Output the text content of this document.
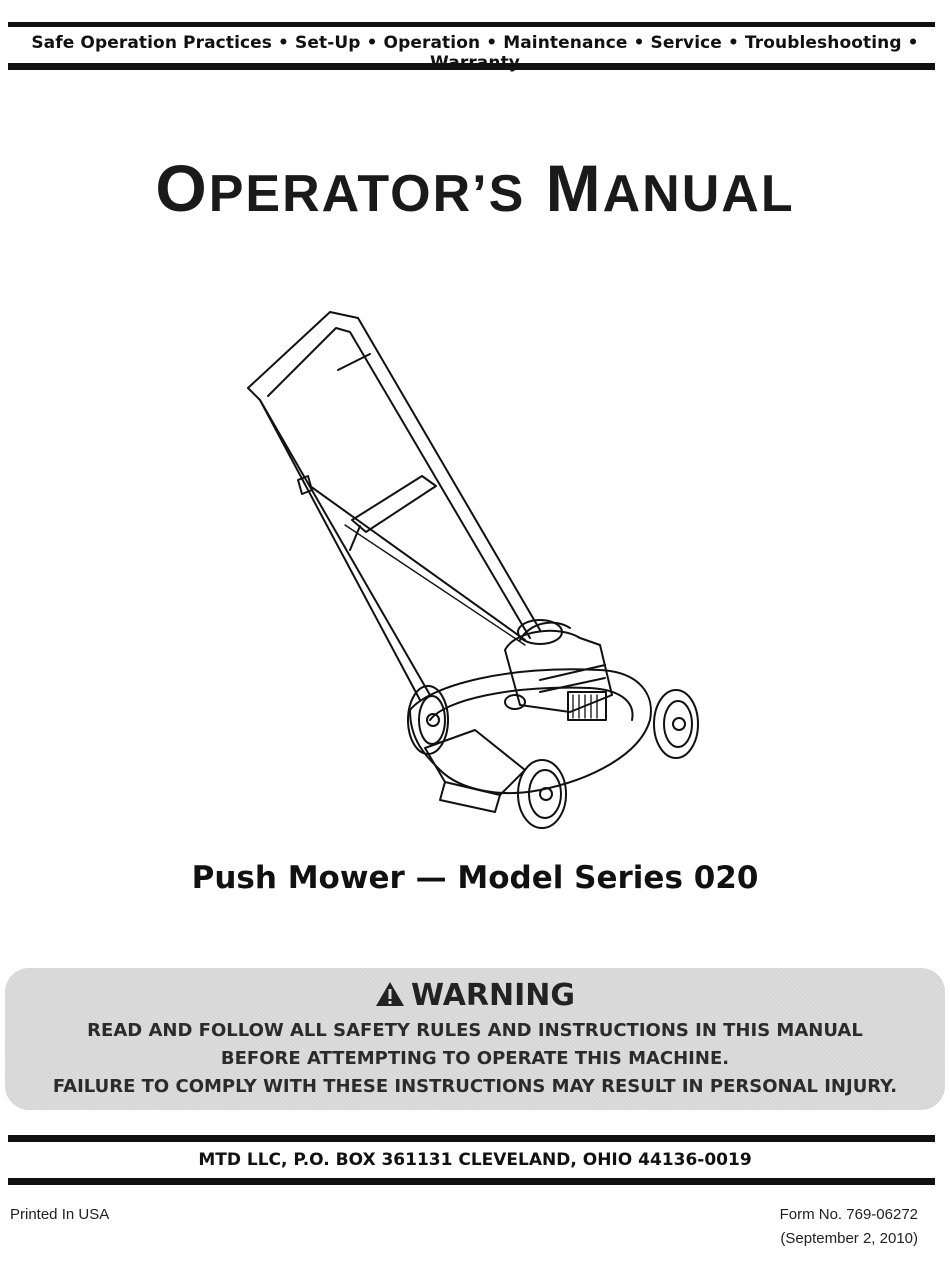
Safe Operation Practices • Set-Up • Operation • Maintenance • Service • Troubleshooting •
OPERATOR’S MANUAL
Push Mower — Model Series 020
WARNING
READ AND FOLLOW ALL SAFETY RULES AND INSTRUCTIONS IN THIS MANUAL
BEFORE ATTEMPTING TO OPERATE THIS MACHINE.
FAILURE TO COMPLY WITH THESE INSTRUCTIONS MAY RESULT IN PERSONAL INJURY.
MTD LLC, P.O. BOX 361131 CLEVELAND, OHIO 44136-0019
Printed In USA	Form No. 769-06272
(September 2, 2010)
